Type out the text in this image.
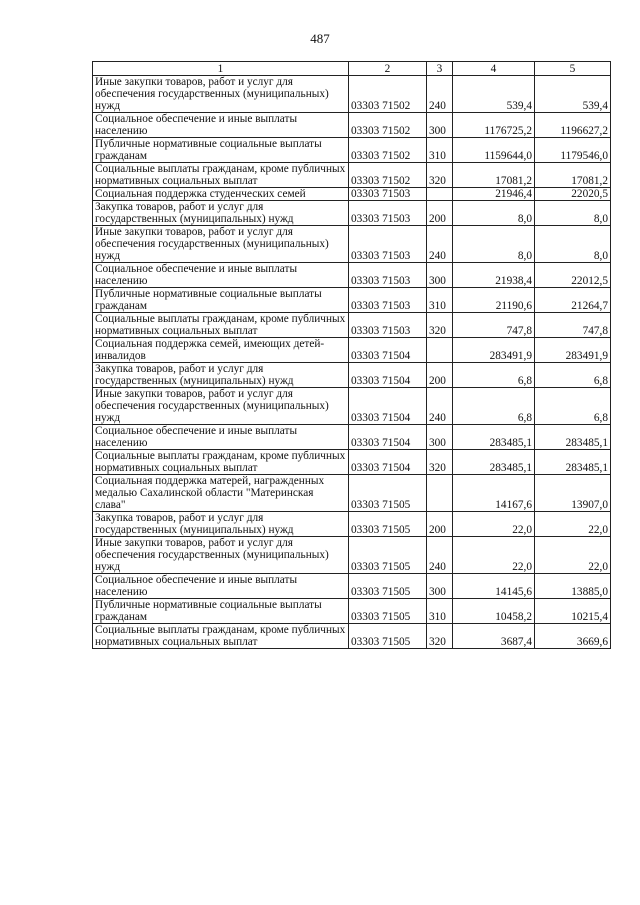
487
1	2	3	4	5
Иные закупки товаров, работ и услуг для обеспечения государственных (муниципальных) нужд	03303 71502	240	539,4	539,4
Социальное обеспечение и иные выплаты населению	03303 71502	300	1176725,2	1196627,2
Публичные нормативные социальные выплаты гражданам	03303 71502	310	1159644,0	1179546,0
Социальные выплаты гражданам, кроме публичных нормативных социальных выплат	03303 71502	320	17081,2	17081,2
Социальная поддержка студенческих семей	03303 71503		21946,4	22020,5
Закупка товаров, работ и услуг для государственных (муниципальных) нужд	03303 71503	200	8,0	8,0
Иные закупки товаров, работ и услуг для обеспечения государственных (муниципальных) нужд	03303 71503	240	8,0	8,0
Социальное обеспечение и иные выплаты населению	03303 71503	300	21938,4	22012,5
Публичные нормативные социальные выплаты гражданам	03303 71503	310	21190,6	21264,7
Социальные выплаты гражданам, кроме публичных нормативных социальных выплат	03303 71503	320	747,8	747,8
Социальная поддержка семей, имеющих детей-инвалидов	03303 71504		283491,9	283491,9
Закупка товаров, работ и услуг для государственных (муниципальных) нужд	03303 71504	200	6,8	6,8
Иные закупки товаров, работ и услуг для обеспечения государственных (муниципальных) нужд	03303 71504	240	6,8	6,8
Социальное обеспечение и иные выплаты населению	03303 71504	300	283485,1	283485,1
Социальные выплаты гражданам, кроме публичных нормативных социальных выплат	03303 71504	320	283485,1	283485,1
Социальная поддержка матерей, награжденных медалью Сахалинской области "Материнская слава"	03303 71505		14167,6	13907,0
Закупка товаров, работ и услуг для государственных (муниципальных) нужд	03303 71505	200	22,0	22,0
Иные закупки товаров, работ и услуг для обеспечения государственных (муниципальных) нужд	03303 71505	240	22,0	22,0
Социальное обеспечение и иные выплаты населению	03303 71505	300	14145,6	13885,0
Публичные нормативные социальные выплаты гражданам	03303 71505	310	10458,2	10215,4
Социальные выплаты гражданам, кроме публичных нормативных социальных выплат	03303 71505	320	3687,4	3669,6
